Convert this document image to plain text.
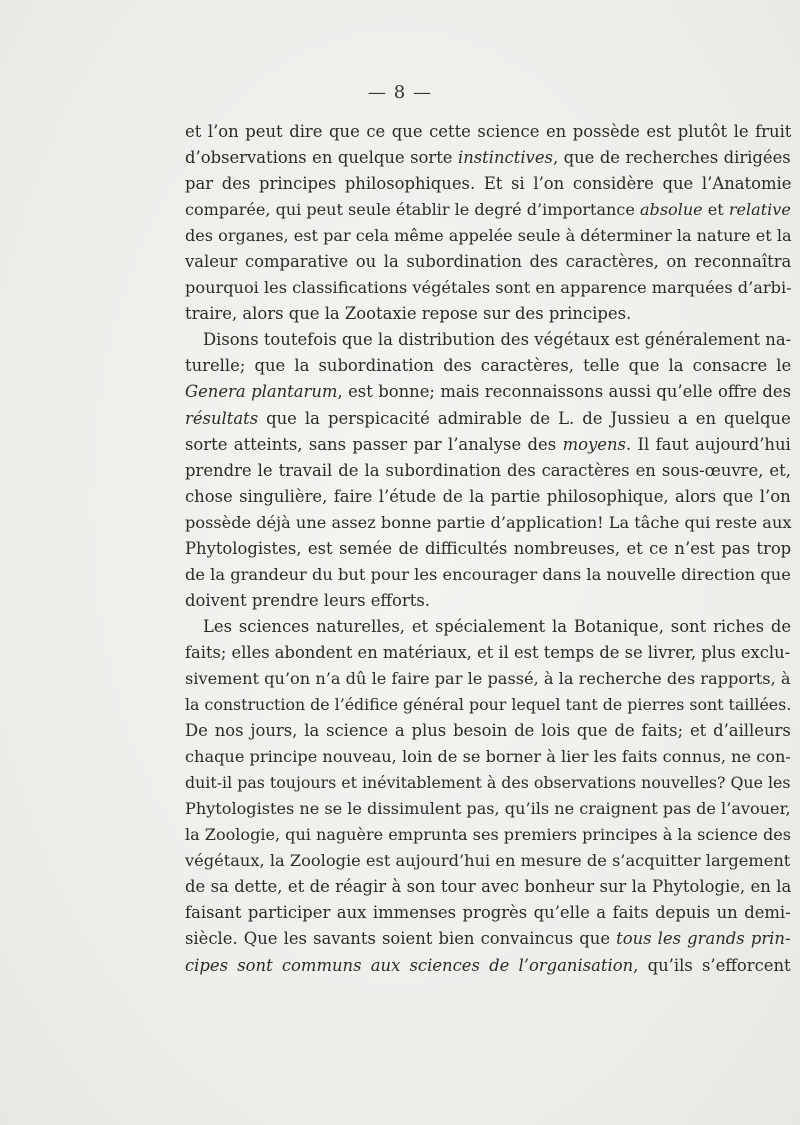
— 8 —
et l’on peut dire que ce que cette science en possède est plutôt le fruit
d’observations en quelque sorte instinctives, que de recherches dirigées
par des principes philosophiques. Et si l’on considère que l’Anatomie
comparée, qui peut seule établir le degré d’importance absolue et relative
des organes, est par cela même appelée seule à déterminer la nature et la
valeur comparative ou la subordination des caractères, on reconnaîtra
pourquoi les classifications végétales sont en apparence marquées d’arbi-
traire, alors que la Zootaxie repose sur des principes.
Disons toutefois que la distribution des végétaux est généralement na-
turelle; que la subordination des caractères, telle que la consacre le
Genera plantarum, est bonne; mais reconnaissons aussi qu’elle offre des
résultats que la perspicacité admirable de L. de Jussieu a en quelque
sorte atteints, sans passer par l’analyse des moyens. Il faut aujourd’hui
prendre le travail de la subordination des caractères en sous-œuvre, et,
chose singulière, faire l’étude de la partie philosophique, alors que l’on
possède déjà une assez bonne partie d’application! La tâche qui reste aux
Phytologistes, est semée de difficultés nombreuses, et ce n’est pas trop
de la grandeur du but pour les encourager dans la nouvelle direction que
doivent prendre leurs efforts.
Les sciences naturelles, et spécialement la Botanique, sont riches de
faits; elles abondent en matériaux, et il est temps de se livrer, plus exclu-
sivement qu’on n’a dû le faire par le passé, à la recherche des rapports, à
la construction de l’édifice général pour lequel tant de pierres sont taillées.
De nos jours, la science a plus besoin de lois que de faits; et d’ailleurs
chaque principe nouveau, loin de se borner à lier les faits connus, ne con-
duit-il pas toujours et inévitablement à des observations nouvelles? Que les
Phytologistes ne se le dissimulent pas, qu’ils ne craignent pas de l’avouer,
la Zoologie, qui naguère emprunta ses premiers principes à la science des
végétaux, la Zoologie est aujourd’hui en mesure de s’acquitter largement
de sa dette, et de réagir à son tour avec bonheur sur la Phytologie, en la
faisant participer aux immenses progrès qu’elle a faits depuis un demi-
siècle. Que les savants soient bien convaincus que tous les grands prin-
cipes sont communs aux sciences de l’organisation, qu’ils s’efforcent
